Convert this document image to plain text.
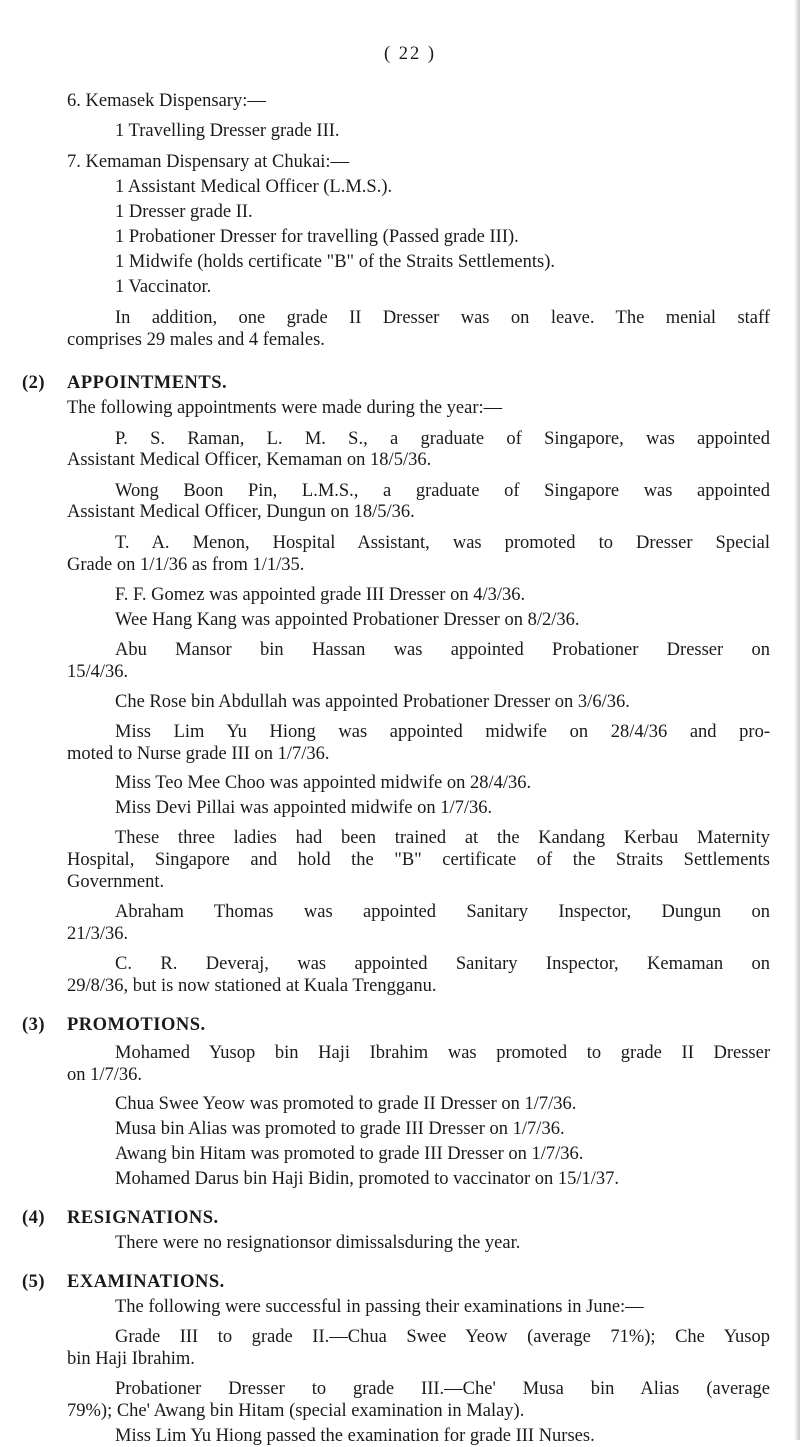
( 22 )
6. Kemasek Dispensary:—
1 Travelling Dresser grade III.
7. Kemaman Dispensary at Chukai:—
1 Assistant Medical Officer (L.M.S.).
1 Dresser grade II.
1 Probationer Dresser for travelling (Passed grade III).
1 Midwife (holds certificate "B" of the Straits Settlements).
1 Vaccinator.
In addition, one grade II Dresser was on leave. The menial staff
comprises 29 males and 4 females.
(2) APPOINTMENTS.
The following appointments were made during the year:—
P. S. Raman, L. M. S., a graduate of Singapore, was appointed
Assistant Medical Officer, Kemaman on 18/5/36.
Wong Boon Pin, L.M.S., a graduate of Singapore was appointed
Assistant Medical Officer, Dungun on 18/5/36.
T. A. Menon, Hospital Assistant, was promoted to Dresser Special
Grade on 1/1/36 as from 1/1/35.
F. F. Gomez was appointed grade III Dresser on 4/3/36.
Wee Hang Kang was appointed Probationer Dresser on 8/2/36.
Abu Mansor bin Hassan was appointed Probationer Dresser on
15/4/36.
Che Rose bin Abdullah was appointed Probationer Dresser on 3/6/36.
Miss Lim Yu Hiong was appointed midwife on 28/4/36 and pro-
moted to Nurse grade III on 1/7/36.
Miss Teo Mee Choo was appointed midwife on 28/4/36.
Miss Devi Pillai was appointed midwife on 1/7/36.
These three ladies had been trained at the Kandang Kerbau Maternity
Hospital, Singapore and hold the "B" certificate of the Straits Settlements
Government.
Abraham Thomas was appointed Sanitary Inspector, Dungun on
21/3/36.
C. R. Deveraj, was appointed Sanitary Inspector, Kemaman on
29/8/36, but is now stationed at Kuala Trengganu.
(3) PROMOTIONS.
Mohamed Yusop bin Haji Ibrahim was promoted to grade II Dresser
on 1/7/36.
Chua Swee Yeow was promoted to grade II Dresser on 1/7/36.
Musa bin Alias was promoted to grade III Dresser on 1/7/36.
Awang bin Hitam was promoted to grade III Dresser on 1/7/36.
Mohamed Darus bin Haji Bidin, promoted to vaccinator on 15/1/37.
(4) RESIGNATIONS.
There were no resignationsor dimissalsduring the year.
(5) EXAMINATIONS.
The following were successful in passing their examinations in June:—
Grade III to grade II.—Chua Swee Yeow (average 71%); Che Yusop
bin Haji Ibrahim.
Probationer Dresser to grade III.—Che' Musa bin Alias (average
79%); Che' Awang bin Hitam (special examination in Malay).
Miss Lim Yu Hiong passed the examination for grade III Nurses.
